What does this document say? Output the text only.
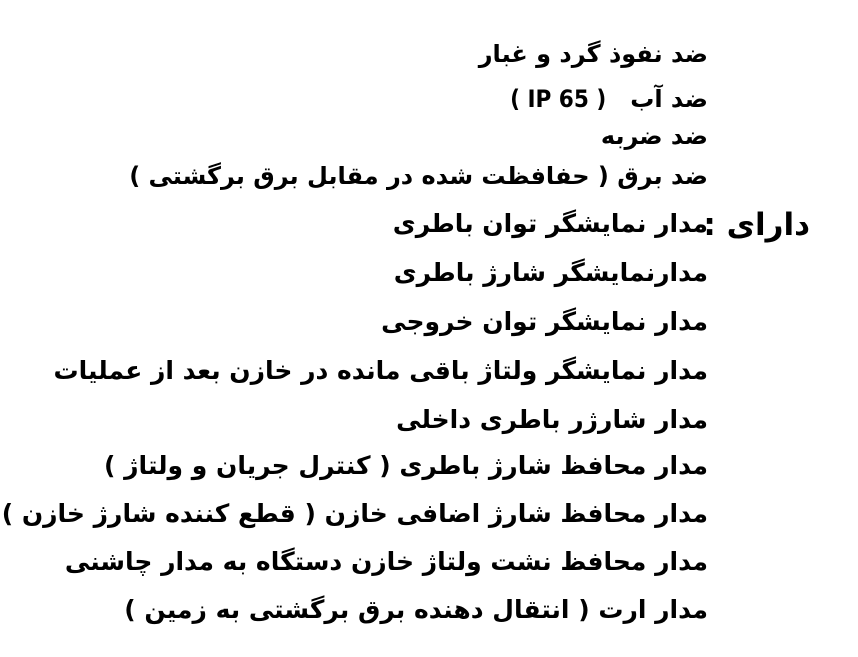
ضد نفوذ گرد و غبار
ضد آب( IP 65 )
ضد ضربه
ضد برق ( حفافظت شده در مقابل برق برگشتی )
دارای :
مدار نمایشگر توان باطری
مدارنمایشگر شارژ باطری
مدار نمایشگر توان خروجی
مدار نمایشگر ولتاژ باقی مانده در خازن بعد از عملیات
مدار شارژر باطری داخلی
مدار محافظ شارژ باطری ( کنترل جریان و ولتاژ )
مدار محافظ شارژ اضافی خازن ( قطع کننده شارژ خازن )
مدار محافظ نشت ولتاژ خازن دستگاه به مدار چاشنی
مدار ارت ( انتقال دهنده برق برگشتی به زمین )
